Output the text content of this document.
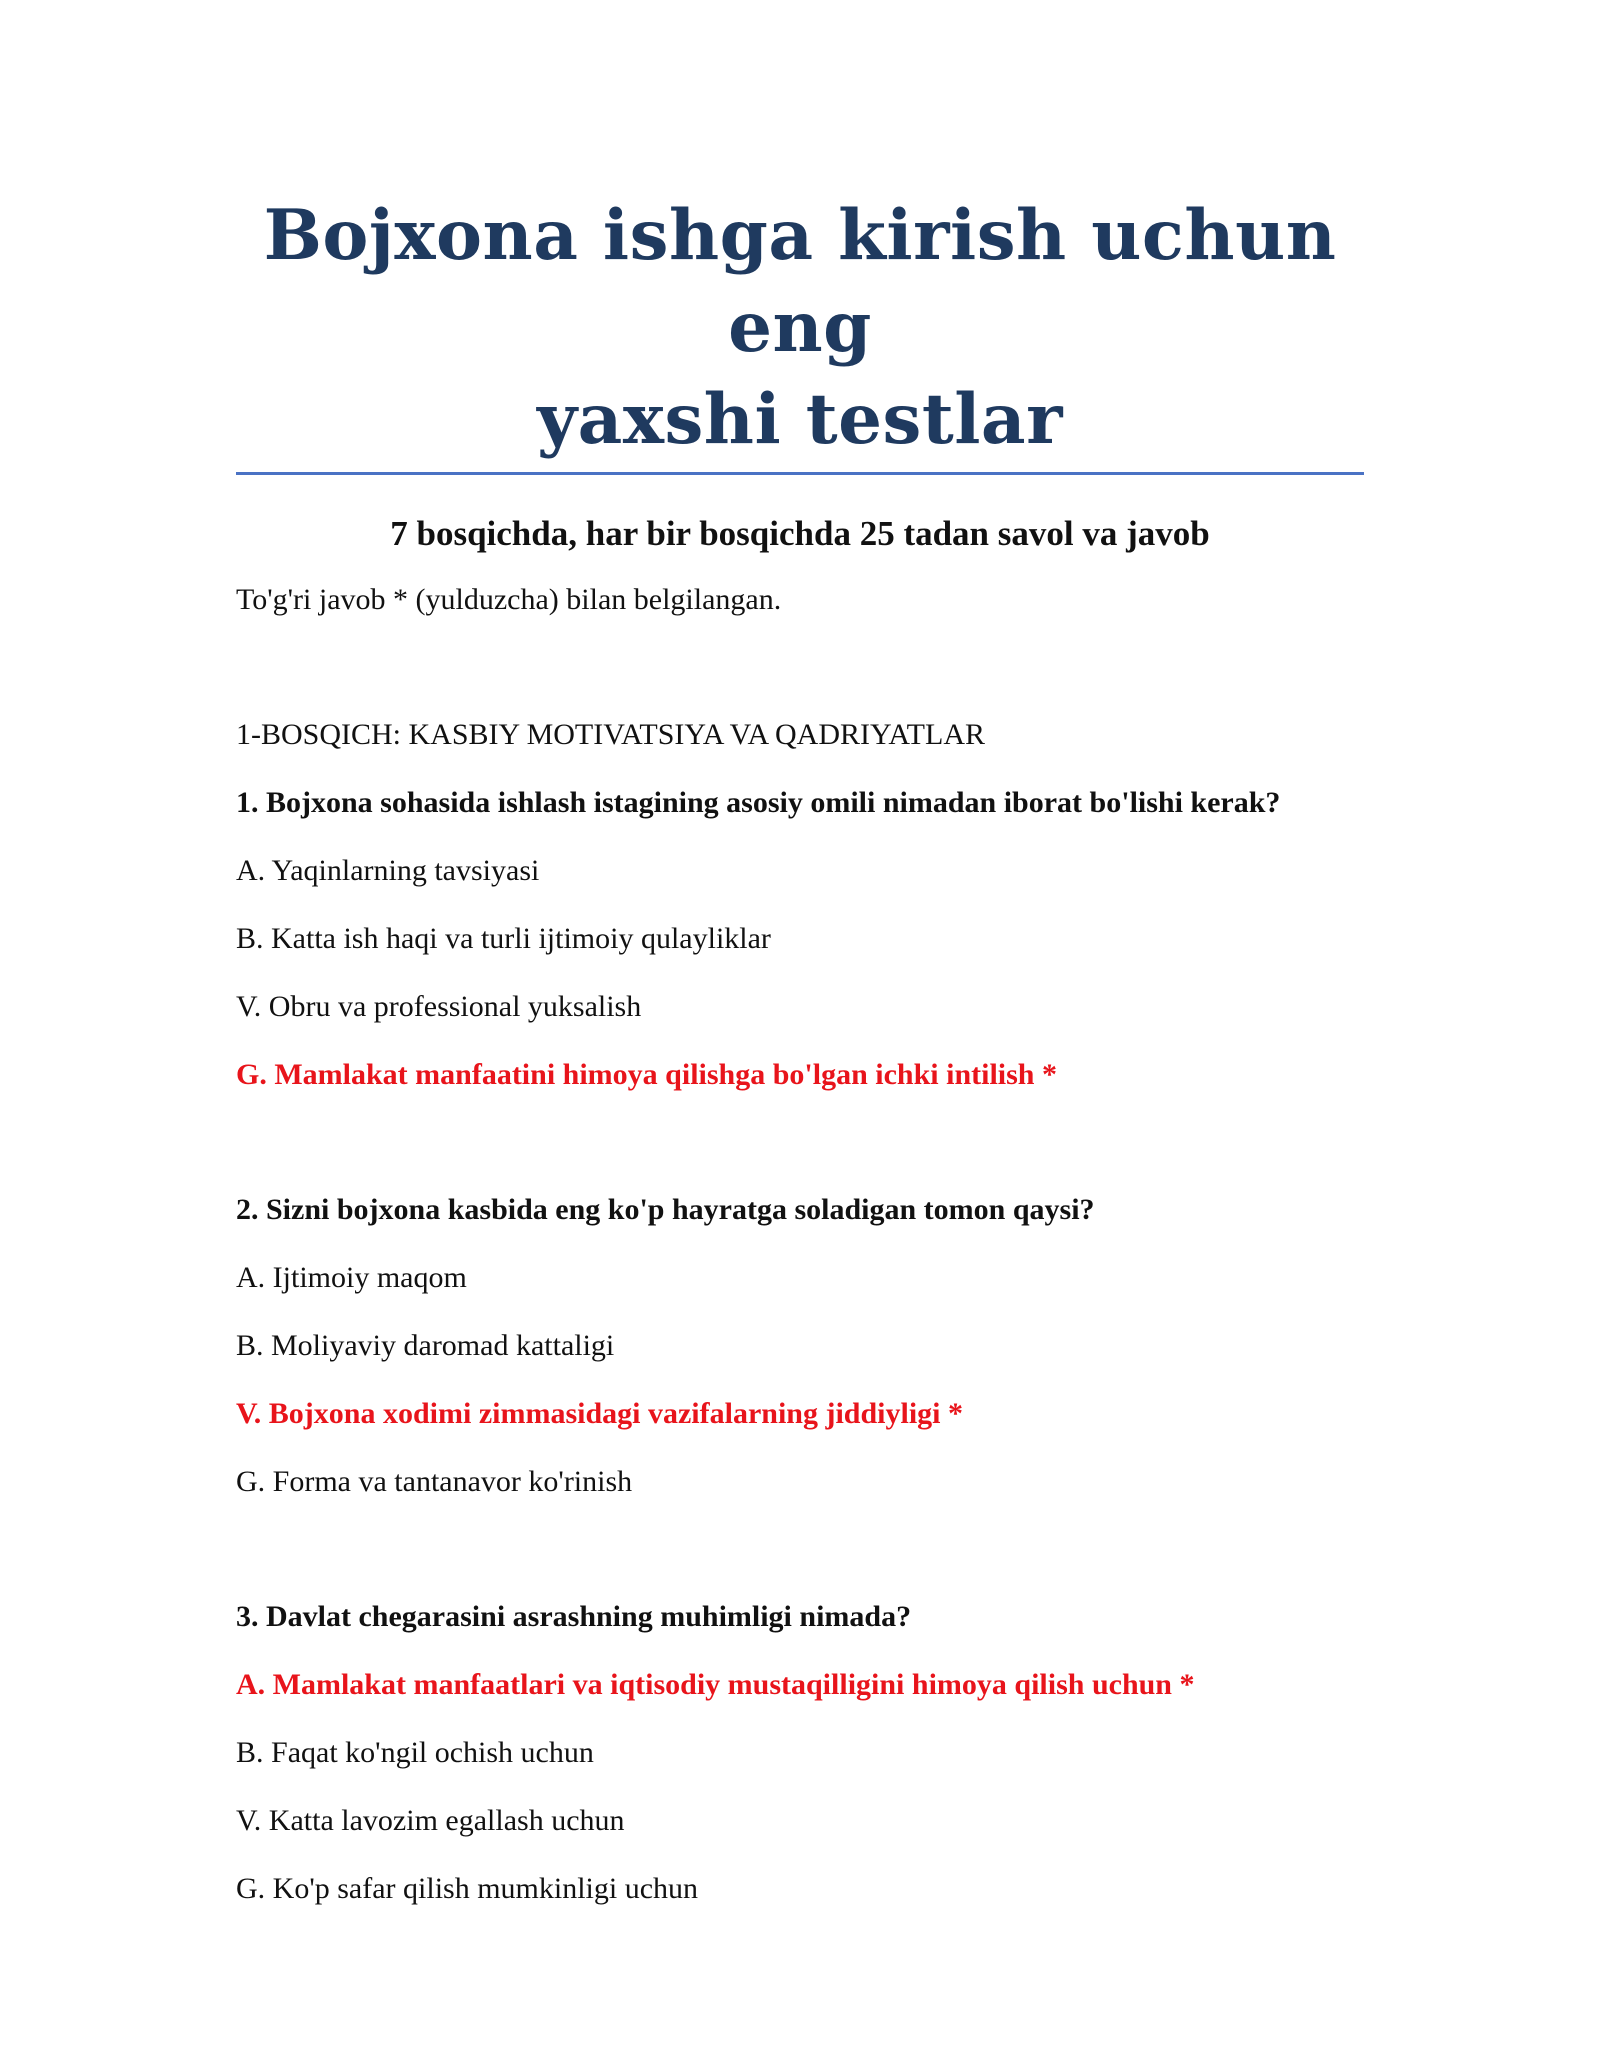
Bojxona ishga kirish uchun eng
yaxshi testlar
7 bosqichda, har bir bosqichda 25 tadan savol va javob
To'g'ri javob * (yulduzcha) bilan belgilangan.
1-BOSQICH: KASBIY MOTIVATSIYA VA QADRIYATLAR
1. Bojxona sohasida ishlash istagining asosiy omili nimadan iborat bo'lishi kerak?
A. Yaqinlarning tavsiyasi
B. Katta ish haqi va turli ijtimoiy qulayliklar
V. Obru va professional yuksalish
G. Mamlakat manfaatini himoya qilishga bo'lgan ichki intilish *
2. Sizni bojxona kasbida eng ko'p hayratga soladigan tomon qaysi?
A. Ijtimoiy maqom
B. Moliyaviy daromad kattaligi
V. Bojxona xodimi zimmasidagi vazifalarning jiddiyligi *
G. Forma va tantanavor ko'rinish
3. Davlat chegarasini asrashning muhimligi nimada?
A. Mamlakat manfaatlari va iqtisodiy mustaqilligini himoya qilish uchun *
B. Faqat ko'ngil ochish uchun
V. Katta lavozim egallash uchun
G. Ko'p safar qilish mumkinligi uchun
